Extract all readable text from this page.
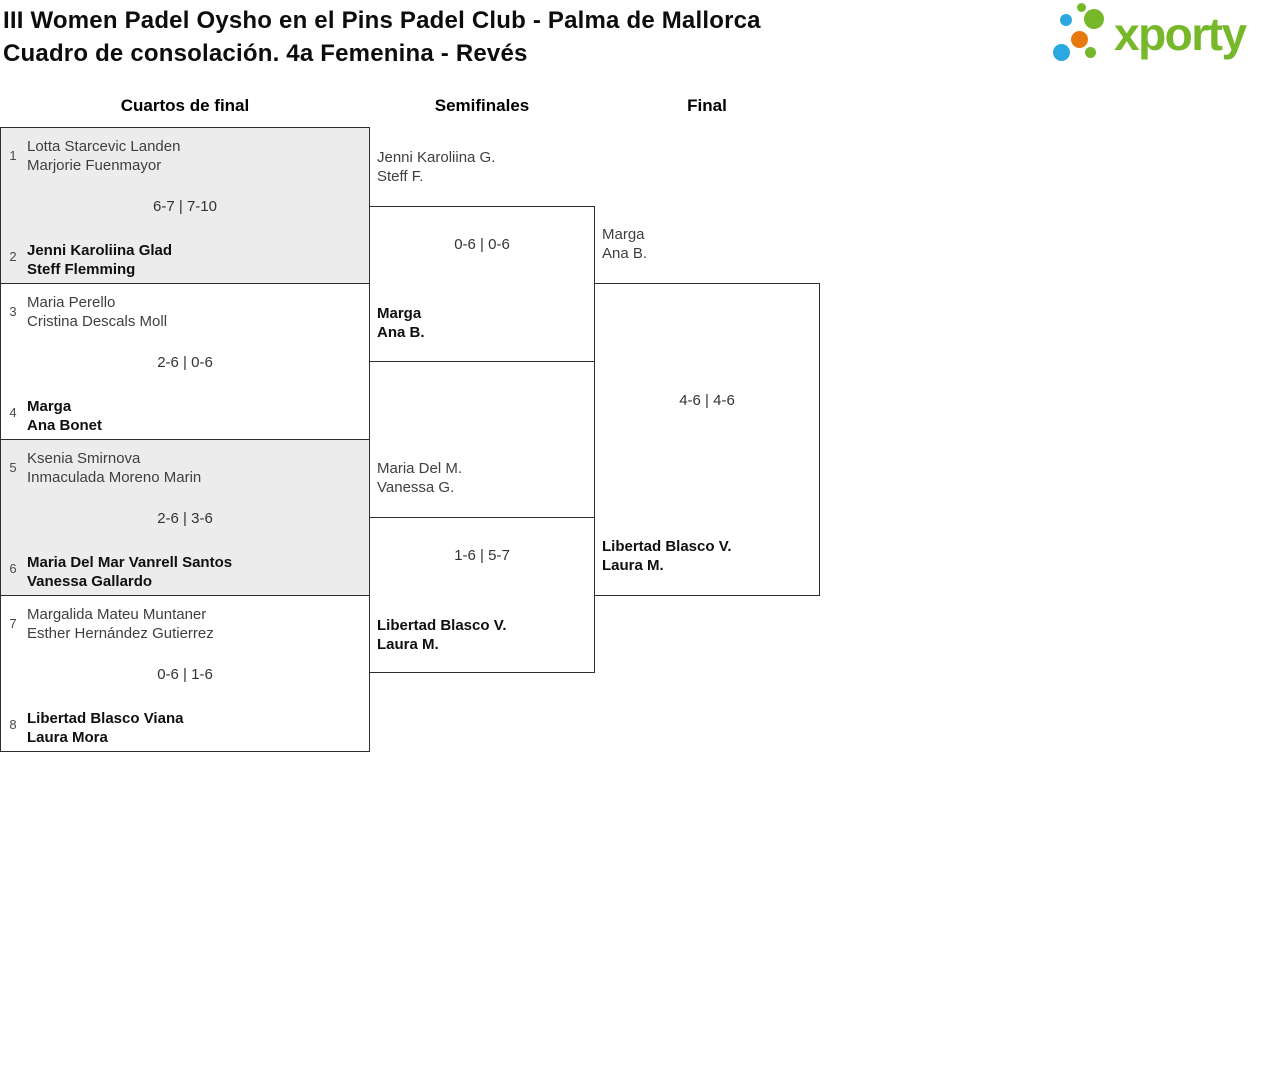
III Women Padel Oysho en el Pins Padel Club - Palma de Mallorca
Cuadro de consolación. 4a Femenina - Revés	xporty
Cuartos de final	Semifinales	Final
1
Lotta Starcevic Landen
Marjorie Fuenmayor
6-7 | 7-10
2 Jenni Karoliina Glad
Steff Flemming
3
Maria Perello
Cristina Descals Moll
2-6 | 0-6
4 Marga
Ana Bonet
5
Ksenia Smirnova
Inmaculada Moreno Marin
2-6 | 3-6
6 Maria Del Mar Vanrell Santos
Vanessa Gallardo
7
Margalida Mateu Muntaner
Esther Hernández Gutierrez
0-6 | 1-6
8 Libertad Blasco Viana
Laura Mora
Jenni Karoliina G.
Steff F.
0-6 | 0-6
Marga
Ana B.
Maria Del M.
Vanessa G.
1-6 | 5-7
Libertad Blasco V.
Laura M.
Marga
Ana B.
4-6 | 4-6
Libertad Blasco V.
Laura M.
